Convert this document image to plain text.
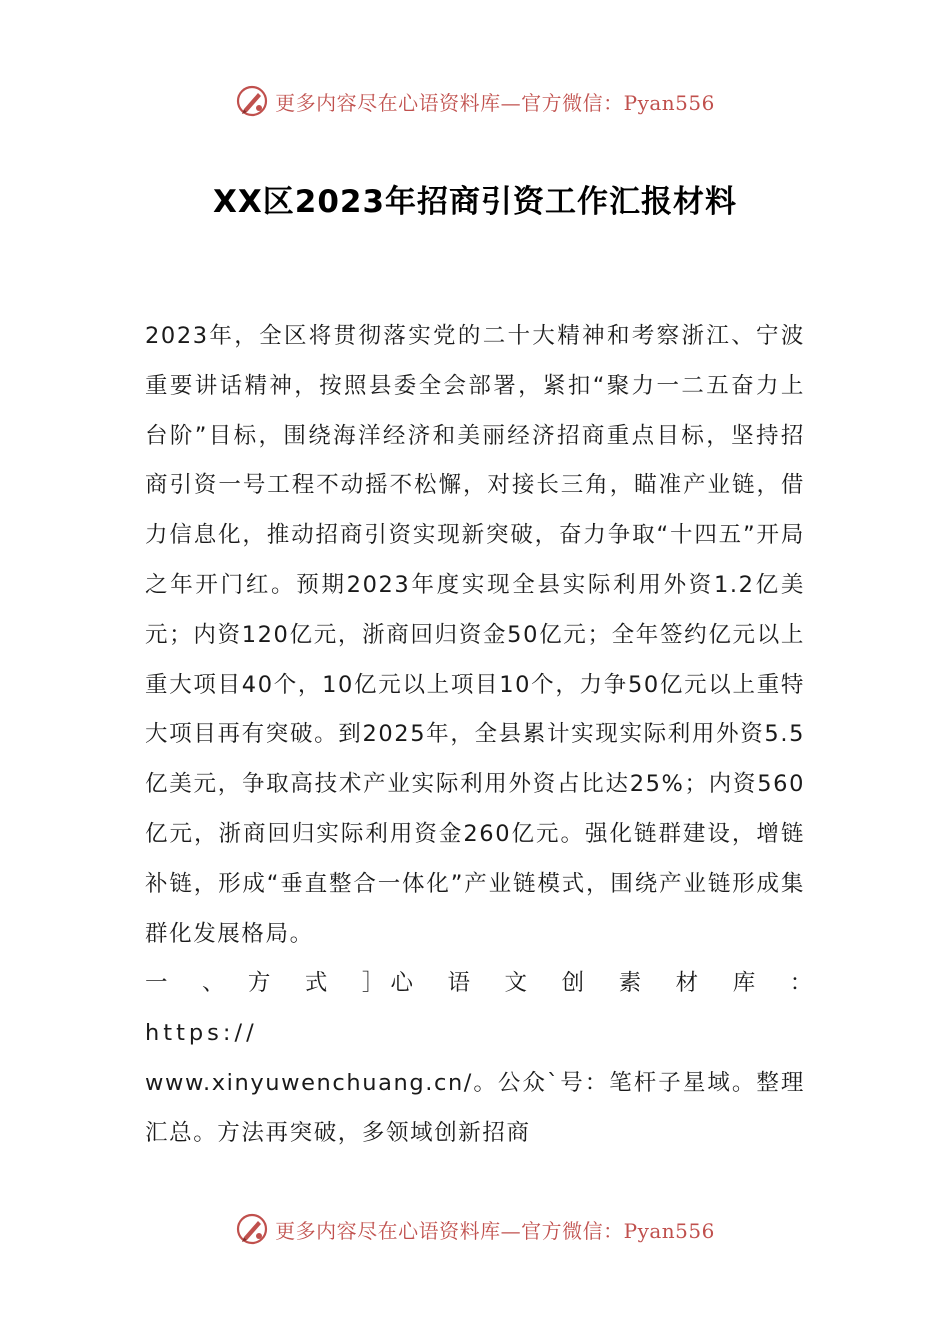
更多内容尽在心语资料库—官方微信：Pyan556
XX区2023年招商引资工作汇报材料

2023年，全区将贯彻落实党的二十大精神和考察浙江、宁波重要讲话精神，按照县委全会部署，紧扣“聚力一二五奋力上台阶”目标，围绕海洋经济和美丽经济招商重点目标，坚持招商引资一号工程不动摇不松懈，对接长三角，瞄准产业链，借力信息化，推动招商引资实现新突破，奋力争取“十四五”开局之年开门红。预期2023年度实现全县实际利用外资1.2亿美元；内资120亿元，浙商回归资金50亿元；全年签约亿元以上重大项目40个，10亿元以上项目10个，力争50亿元以上重特大项目再有突破。到2025年，全县累计实现实际利用外资5.5亿美元，争取高技术产业实际利用外资占比达25%；内资560亿元，浙商回归实际利用资金260亿元。强化链群建设，增链补链，形成“垂直整合一体化”产业链模式，围绕产业链形成集群化发展格局。

一　、　方　式　］心　语　文　创　素　材　库　：　https://
www.xinyuwenchuang.cn/。公众`号：笔杆子星域。整理汇总。方法再突破，多领域创新招商

更多内容尽在心语资料库—官方微信：Pyan556
